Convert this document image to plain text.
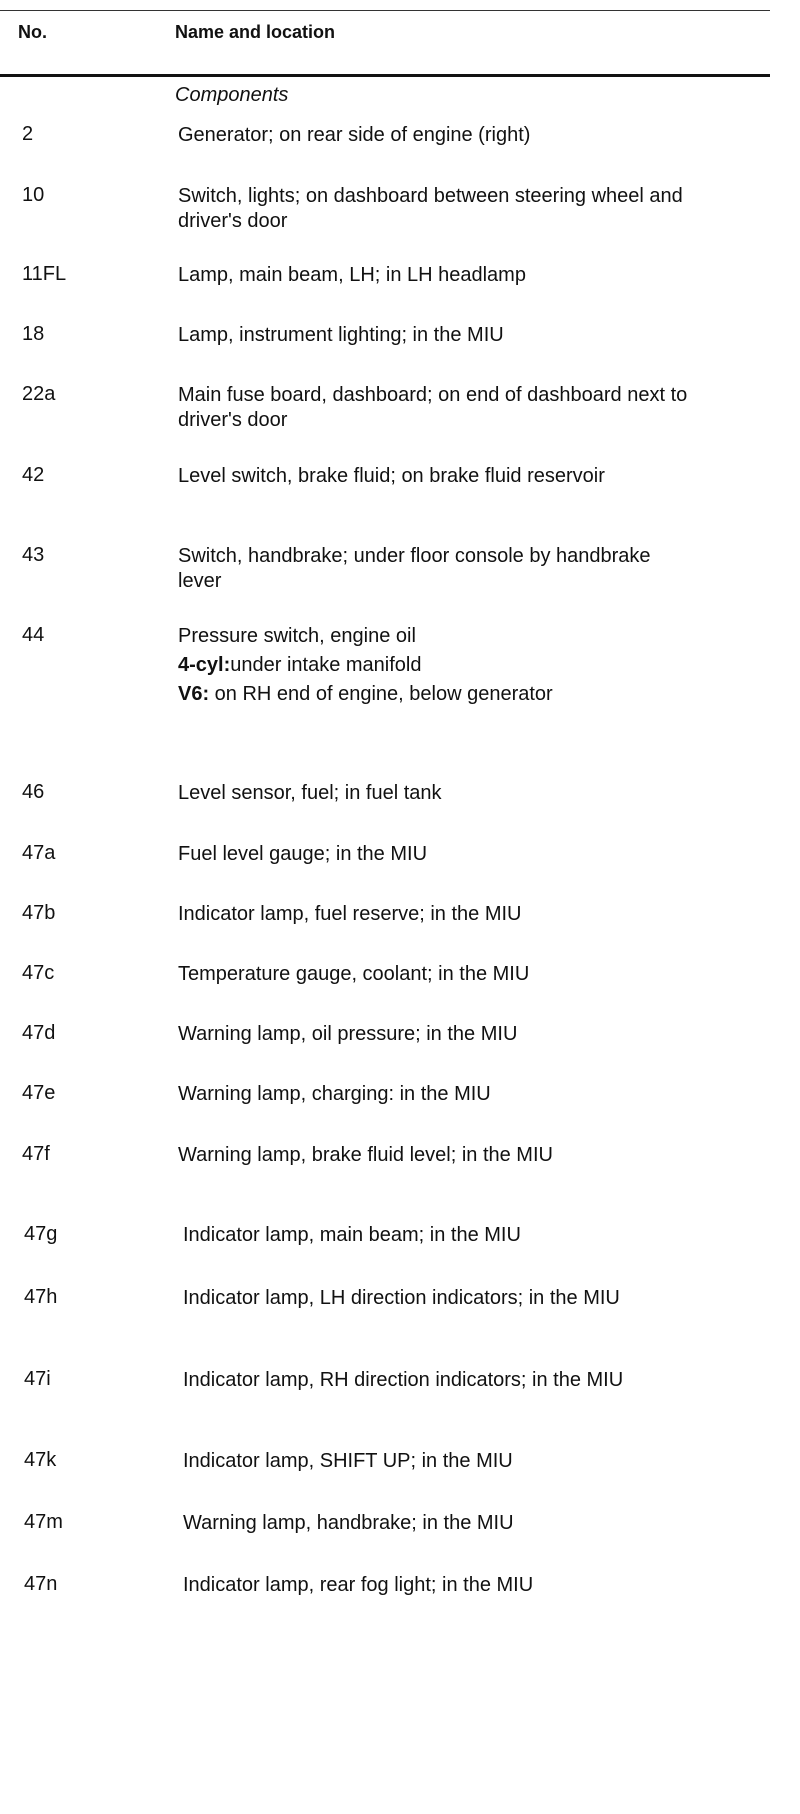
No.	Name and location
Components
2	Generator; on rear side of engine (right)
10	Switch, lights; on dashboard between steering wheel and driver's door
11FL	Lamp, main beam, LH; in LH headlamp
18	Lamp, instrument lighting; in the MIU
22a	Main fuse board, dashboard; on end of dashboard next to driver's door
42	Level switch, brake fluid; on brake fluid reservoir
43	Switch, handbrake; under floor console by handbrake lever
44	Pressure switch, engine oil
4-cyl:under intake manifold
V6: on RH end of engine, below generator
46	Level sensor, fuel; in fuel tank
47a	Fuel level gauge; in the MIU
47b	Indicator lamp, fuel reserve; in the MIU
47c	Temperature gauge, coolant; in the MIU
47d	Warning lamp, oil pressure; in the MIU
47e	Warning lamp, charging: in the MIU
47f	Warning lamp, brake fluid level; in the MIU
47g	Indicator lamp, main beam; in the MIU
47h	Indicator lamp, LH direction indicators; in the MIU
47i	Indicator lamp, RH direction indicators; in the MIU
47k	Indicator lamp, SHIFT UP; in the MIU
47m	Warning lamp, handbrake; in the MIU
47n	Indicator lamp, rear fog light; in the MIU
